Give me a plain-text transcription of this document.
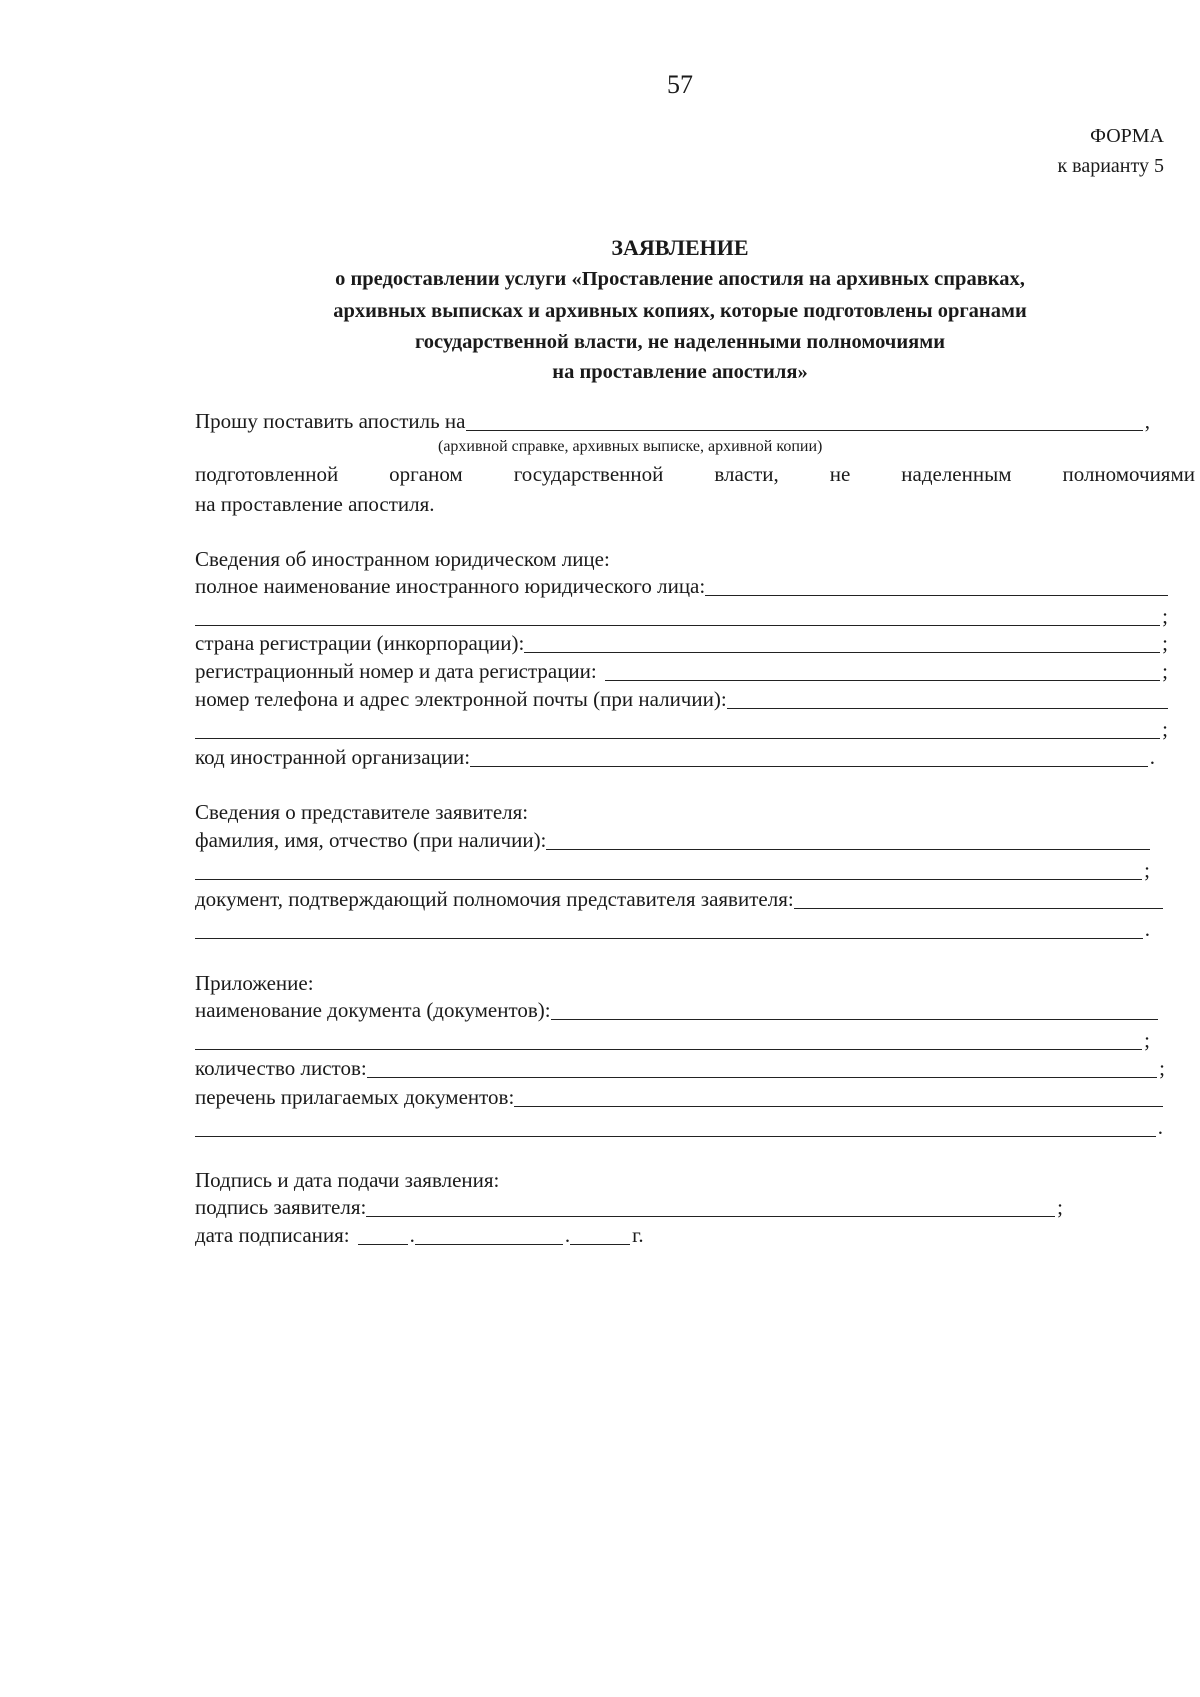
57
ФОРМА
к варианту 5
ЗАЯВЛЕНИЕ
о предоставлении услуги «Проставление апостиля на архивных справках,
архивных выписках и архивных копиях, которые подготовлены органами
государственной власти, не наделенными полномочиями
на проставление апостиля»
Прошу поставить апостиль на	,
(архивной справке, архивных выписке, архивной копии)
подготовленной органом государственной власти, не наделенным полномочиями
на проставление апостиля.
Сведения об иностранном юридическом лице:
полное наименование иностранного юридического лица:
;
страна регистрации (инкорпорации):	;
регистрационный номер и дата регистрации:	;
номер телефона и адрес электронной почты (при наличии):
;
код иностранной организации:	.
Сведения о представителе заявителя:
фамилия, имя, отчество (при наличии):
;
документ, подтверждающий полномочия представителя заявителя:
.
Приложение:
наименование документа (документов):
;
количество листов:	;
перечень прилагаемых документов:
.
Подпись и дата подачи заявления:
подпись заявителя:	;
дата подписания:	.	.	г.
